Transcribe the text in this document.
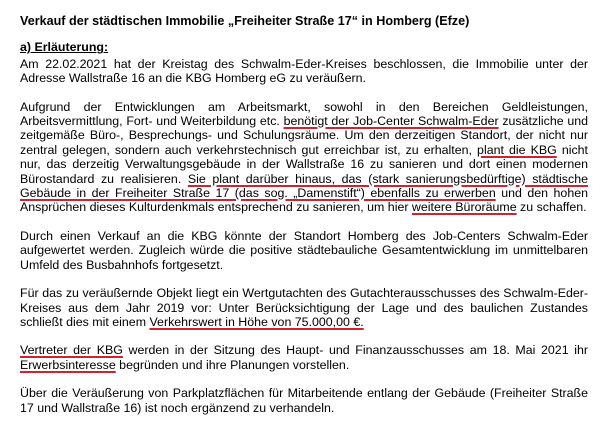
Verkauf der städtischen Immobilie „Freiheiter Straße 17“ in Homberg (Efze)
a) Erläuterung:

Am 22.02.2021 hat der Kreistag des Schwalm-Eder-Kreises beschlossen, die Immobilie unter der Adresse Wallstraße 16 an die KBG Homberg eG zu veräußern.

Aufgrund der Entwicklungen am Arbeitsmarkt, sowohl in den Bereichen Geldleistungen, Arbeitsvermittlung, Fort- und Weiterbildung etc. benötigt der Job-Center Schwalm-Eder zusätzliche und zeitgemäße Büro-, Besprechungs- und Schulungsräume. Um den derzeitigen Standort, der nicht nur zentral gelegen, sondern auch verkehrstechnisch gut erreichbar ist, zu erhalten, plant die KBG nicht nur, das derzeitig Verwaltungsgebäude in der Wallstraße 16 zu sanieren und dort einen modernen Bürostandard zu realisieren. Sie plant darüber hinaus, das (stark sanierungsbedürftige) städtische Gebäude in der Freiheiter Straße 17 (das sog. „Damenstift“) ebenfalls zu erwerben und den hohen Ansprüchen dieses Kulturdenkmals entsprechend zu sanieren, um hier weitere Büroräume zu schaffen.

Durch einen Verkauf an die KBG könnte der Standort Homberg des Job-Centers Schwalm-Eder aufgewertet werden. Zugleich würde die positive städtebauliche Gesamtentwicklung im unmittelbaren Umfeld des Busbahnhofs fortgesetzt.

Für das zu veräußernde Objekt liegt ein Wertgutachten des Gutachterausschusses des Schwalm-Eder-Kreises aus dem Jahr 2019 vor: Unter Berücksichtigung der Lage und des baulichen Zustandes schließt dies mit einem Verkehrswert in Höhe von 75.000,00 €.

Vertreter der KBG werden in der Sitzung des Haupt- und Finanzausschusses am 18. Mai 2021 ihr Erwerbsinteresse begründen und ihre Planungen vorstellen.

Über die Veräußerung von Parkplatzflächen für Mitarbeitende entlang der Gebäude (Freiheiter Straße 17 und Wallstraße 16) ist noch ergänzend zu verhandeln.
